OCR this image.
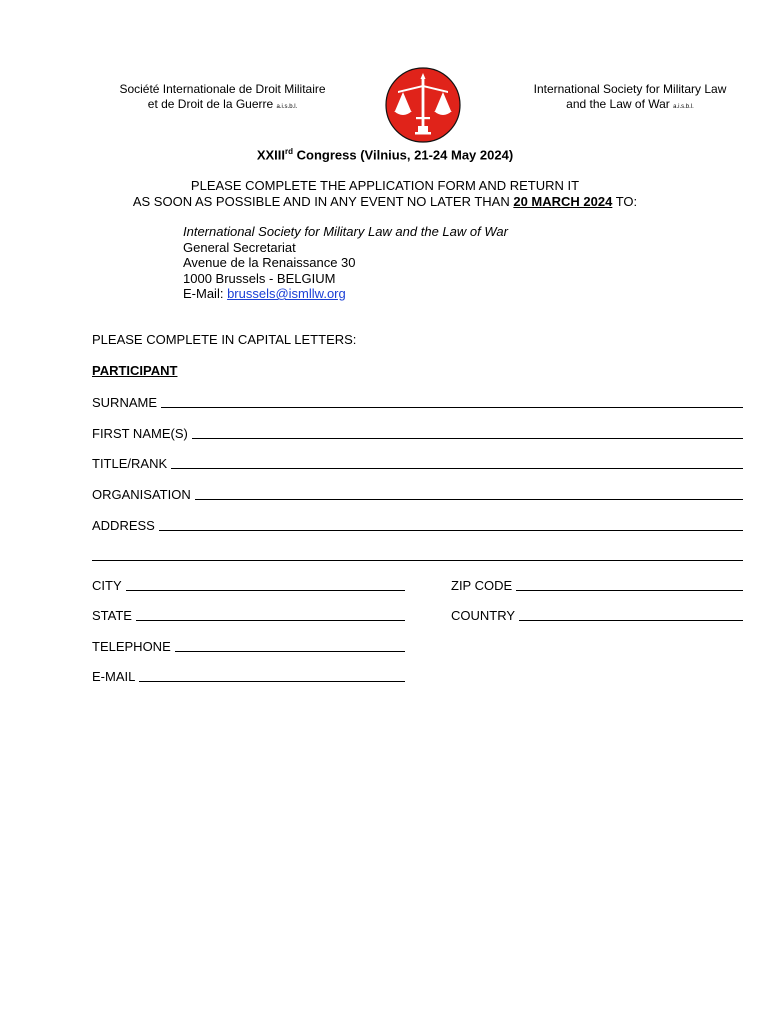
Société Internationale de Droit Militaire
et de Droit de la Guerre a.i.s.b.l.
International Society for Military Law
and the Law of War a.i.s.b.l.
XXIIIrd Congress (Vilnius, 21-24 May 2024)
PLEASE COMPLETE THE APPLICATION FORM AND RETURN IT
AS SOON AS POSSIBLE AND IN ANY EVENT NO LATER THAN 20 MARCH 2024 TO:
International Society for Military Law and the Law of War
General Secretariat
Avenue de la Renaissance 30
1000 Brussels - BELGIUM
E-Mail: brussels@ismllw.org
PLEASE COMPLETE IN CAPITAL LETTERS:
PARTICIPANT
SURNAME
FIRST NAME(S)
TITLE/RANK
ORGANISATION
ADDRESS
CITY	ZIP CODE
STATE	COUNTRY
TELEPHONE
E-MAIL
